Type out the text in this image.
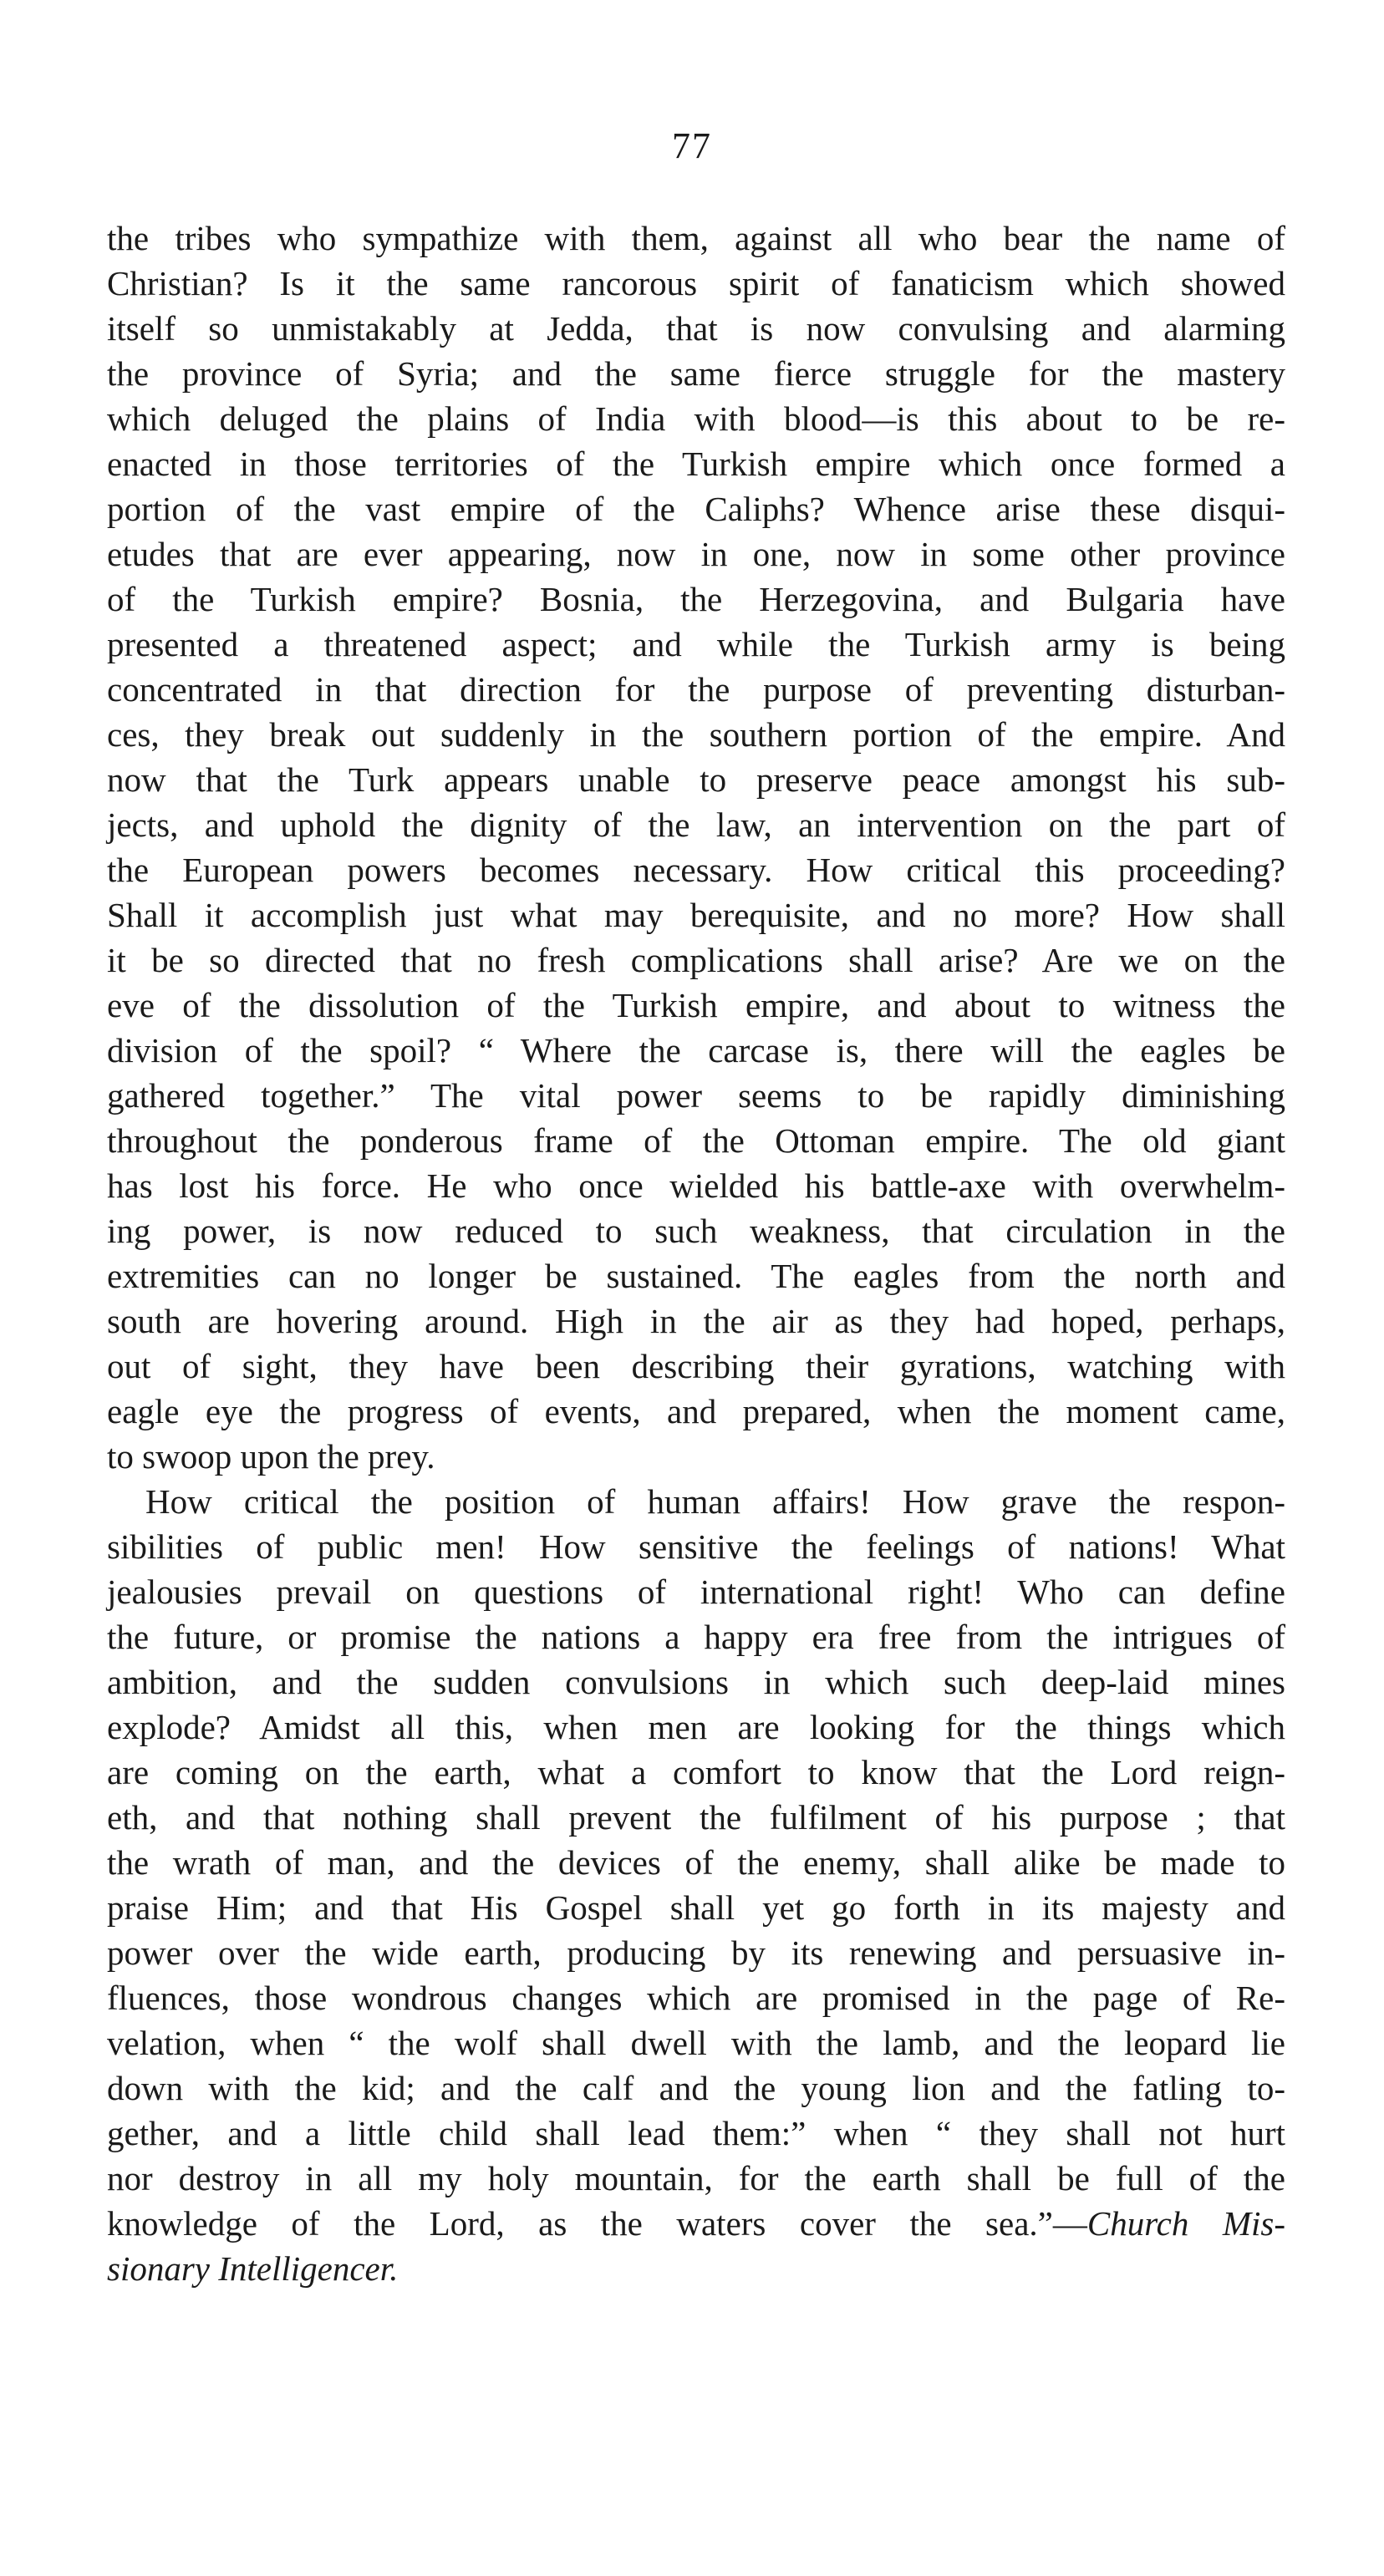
77
the tribes who sympathize with them, against all who bear the name of
Christian? Is it the same rancorous spirit of fanaticism which showed
itself so unmistakably at Jedda, that is now convulsing and alarming
the province of Syria; and the same fierce struggle for the mastery
which deluged the plains of India with blood—is this about to be re-
enacted in those territories of the Turkish empire which once formed a
portion of the vast empire of the Caliphs? Whence arise these disqui-
etudes that are ever appearing, now in one, now in some other province
of the Turkish empire? Bosnia, the Herzegovina, and Bulgaria have
presented a threatened aspect; and while the Turkish army is being
concentrated in that direction for the purpose of preventing disturban-
ces, they break out suddenly in the southern portion of the empire. And
now that the Turk appears unable to preserve peace amongst his sub-
jects, and uphold the dignity of the law, an intervention on the part of
the European powers becomes necessary. How critical this proceeding?
Shall it accomplish just what may berequisite, and no more? How shall
it be so directed that no fresh complications shall arise? Are we on the
eve of the dissolution of the Turkish empire, and about to witness the
division of the spoil? “ Where the carcase is, there will the eagles be
gathered together.” The vital power seems to be rapidly diminishing
throughout the ponderous frame of the Ottoman empire. The old giant
has lost his force. He who once wielded his battle-axe with overwhelm-
ing power, is now reduced to such weakness, that circulation in the
extremities can no longer be sustained. The eagles from the north and
south are hovering around. High in the air as they had hoped, perhaps,
out of sight, they have been describing their gyrations, watching with
eagle eye the progress of events, and prepared, when the moment came,
to swoop upon the prey.
How critical the position of human affairs! How grave the respon-
sibilities of public men! How sensitive the feelings of nations! What
jealousies prevail on questions of international right! Who can define
the future, or promise the nations a happy era free from the intrigues of
ambition, and the sudden convulsions in which such deep-laid mines
explode? Amidst all this, when men are looking for the things which
are coming on the earth, what a comfort to know that the Lord reign-
eth, and that nothing shall prevent the fulfilment of his purpose ; that
the wrath of man, and the devices of the enemy, shall alike be made to
praise Him; and that His Gospel shall yet go forth in its majesty and
power over the wide earth, producing by its renewing and persuasive in-
fluences, those wondrous changes which are promised in the page of Re-
velation, when “ the wolf shall dwell with the lamb, and the leopard lie
down with the kid; and the calf and the young lion and the fatling to-
gether, and a little child shall lead them:” when “ they shall not hurt
nor destroy in all my holy mountain, for the earth shall be full of the
knowledge of the Lord, as the waters cover the sea.”—Church Mis-
sionary Intelligencer.
